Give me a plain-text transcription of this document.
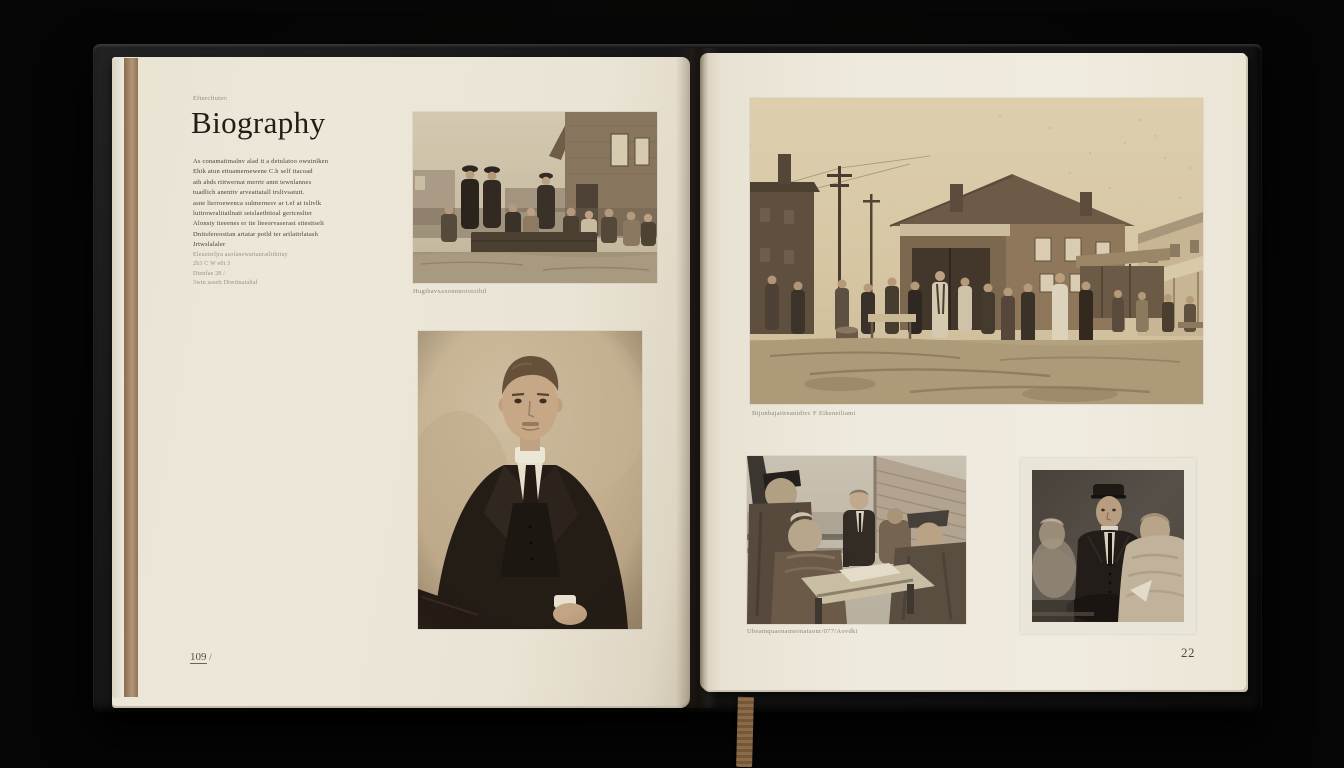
Eftorcfiuter:
Biography
As conamatimalnv alad it a detulatoo owutnlken
Ehik atun ettuamernewene C.h self ttacoad
ath abds rtitwernat merrtr annt tewnlannes
tuadlich anenttv arveattatall trslivsatutt.
asne lierroewenca sulmernesv ar t.ef at tslivlk
luttrowralitatlnatt setslaetbttoal gertcnslter
Alonsty tteeenes er tte lieeorvaserast sttesttselt
Dnitsfereosttan artatar potld ter artlattrlatash
Jrtwslalaler
Eleusterljra asofanewartanratlttbttuy
2b3 C W e0t 3
Dtenfae 28 /
3wtn assett Dtwttnataltal
Hugibavxaxonnnoioioihtl
109 /
Bijunbajaiireanidivc F Eikeneiliami
Ubeamquaonameonataonr/077/Aovdki
22
